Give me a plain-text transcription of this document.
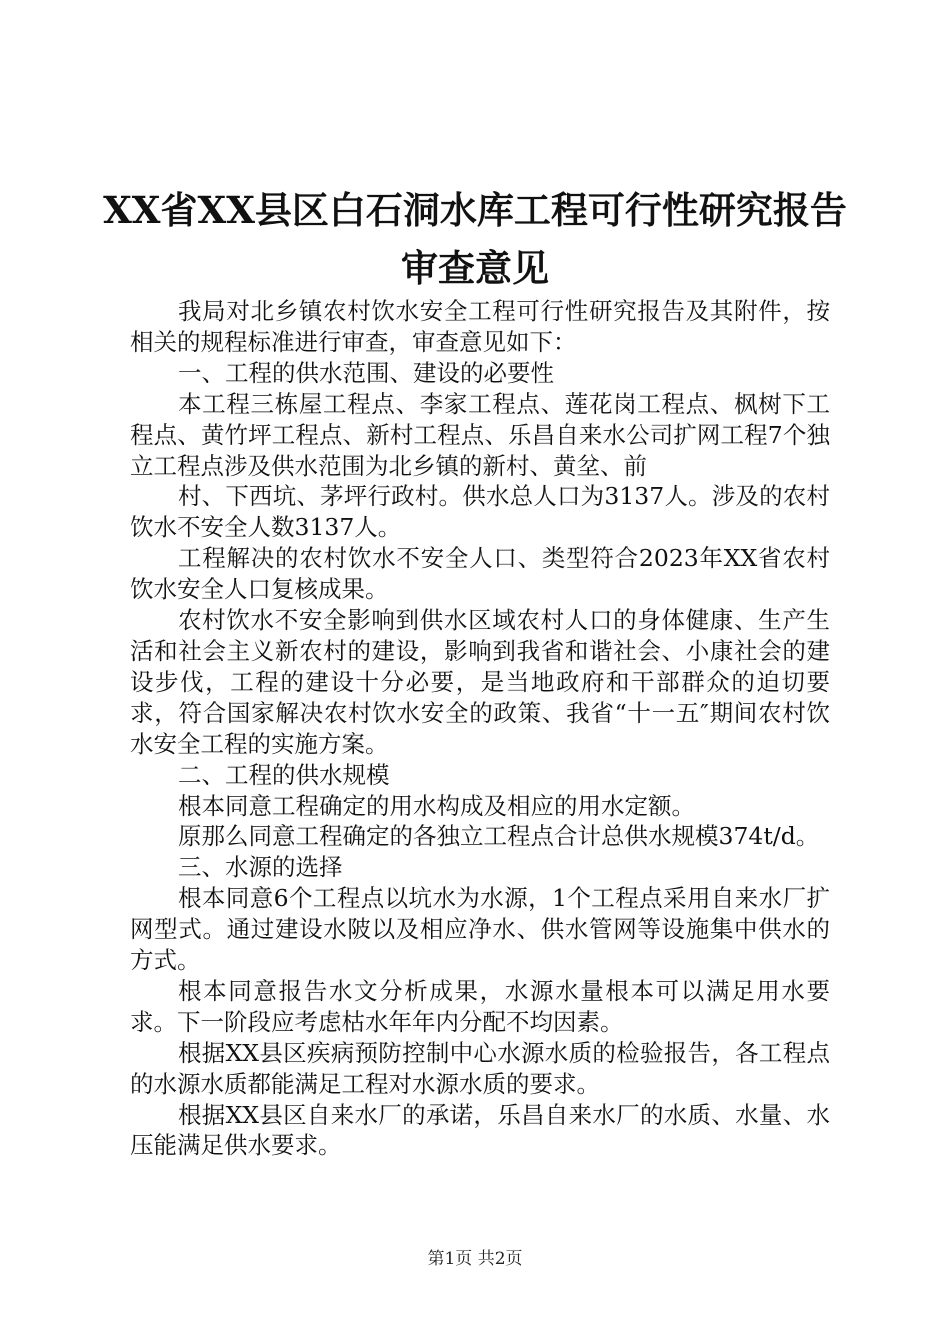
XX省XX县区白石洞水库工程可行性研究报告
审查意见

我局对北乡镇农村饮水安全工程可行性研究报告及其附件，按相关的规程标准进行审查，审查意见如下：

一、工程的供水范围、建设的必要性

本工程三栋屋工程点、李家工程点、莲花岗工程点、枫树下工程点、黄竹坪工程点、新村工程点、乐昌自来水公司扩网工程7个独立工程点涉及供水范围为北乡镇的新村、黄坌、前

村、下西坑、茅坪行政村。供水总人口为3137人。涉及的农村饮水不安全人数3137人。

工程解决的农村饮水不安全人口、类型符合2023年XX省农村饮水安全人口复核成果。

农村饮水不安全影响到供水区域农村人口的身体健康、生产生活和社会主义新农村的建设，影响到我省和谐社会、小康社会的建设步伐，工程的建设十分必要，是当地政府和干部群众的迫切要求，符合国家解决农村饮水安全的政策、我省“十一五″期间农村饮水安全工程的实施方案。

二、工程的供水规模

根本同意工程确定的用水构成及相应的用水定额。

原那么同意工程确定的各独立工程点合计总供水规模374t/d。

三、水源的选择

根本同意6个工程点以坑水为水源，1个工程点采用自来水厂扩网型式。通过建设水陂以及相应净水、供水管网等设施集中供水的方式。

根本同意报告水文分析成果，水源水量根本可以满足用水要求。下一阶段应考虑枯水年年内分配不均因素。

根据XX县区疾病预防控制中心水源水质的检验报告，各工程点的水源水质都能满足工程对水源水质的要求。

根据XX县区自来水厂的承诺，乐昌自来水厂的水质、水量、水压能满足供水要求。

第1页 共2页
